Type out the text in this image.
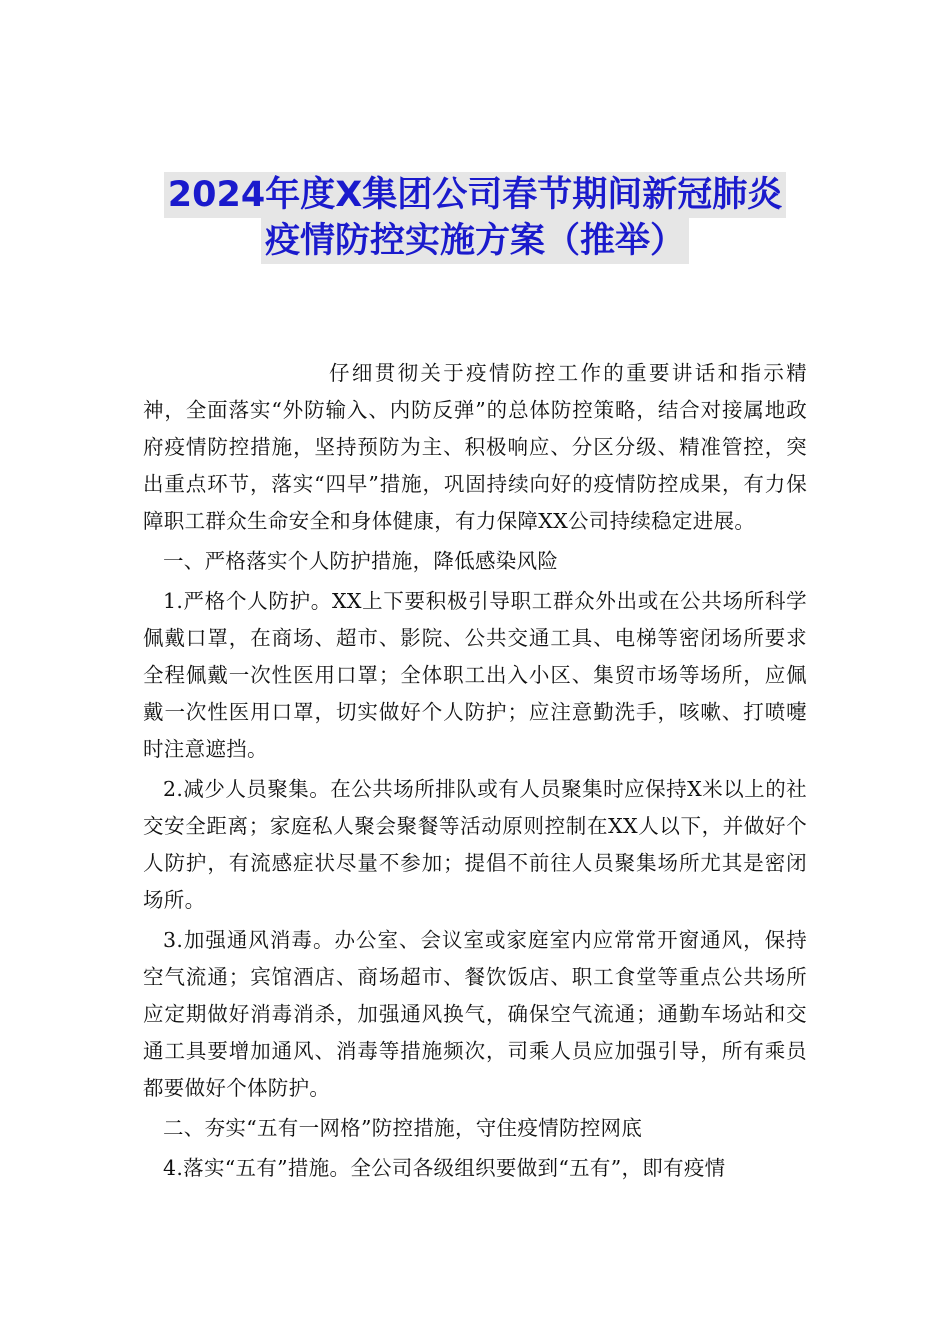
2024年度X集团公司春节期间新冠肺炎
疫情防控实施方案（推举）

仔细贯彻关于疫情防控工作的重要讲话和指示精神，全面落实“外防输入、内防反弹”的总体防控策略，结合对接属地政府疫情防控措施，坚持预防为主、积极响应、分区分级、精准管控，突出重点环节，落实“四早”措施，巩固持续向好的疫情防控成果，有力保障职工群众生命安全和身体健康，有力保障XX公司持续稳定进展。

一、严格落实个人防护措施，降低感染风险

1.严格个人防护。XX上下要积极引导职工群众外出或在公共场所科学佩戴口罩，在商场、超市、影院、公共交通工具、电梯等密闭场所要求全程佩戴一次性医用口罩；全体职工出入小区、集贸市场等场所，应佩戴一次性医用口罩，切实做好个人防护；应注意勤洗手，咳嗽、打喷嚏时注意遮挡。

2.减少人员聚集。在公共场所排队或有人员聚集时应保持X米以上的社交安全距离；家庭私人聚会聚餐等活动原则控制在XX人以下，并做好个人防护，有流感症状尽量不参加；提倡不前往人员聚集场所尤其是密闭场所。

3.加强通风消毒。办公室、会议室或家庭室内应常常开窗通风，保持空气流通；宾馆酒店、商场超市、餐饮饭店、职工食堂等重点公共场所应定期做好消毒消杀，加强通风换气，确保空气流通；通勤车场站和交通工具要增加通风、消毒等措施频次，司乘人员应加强引导，所有乘员都要做好个体防护。

二、夯实“五有一网格”防控措施，守住疫情防控网底

4.落实“五有”措施。全公司各级组织要做到“五有”，即有疫情
